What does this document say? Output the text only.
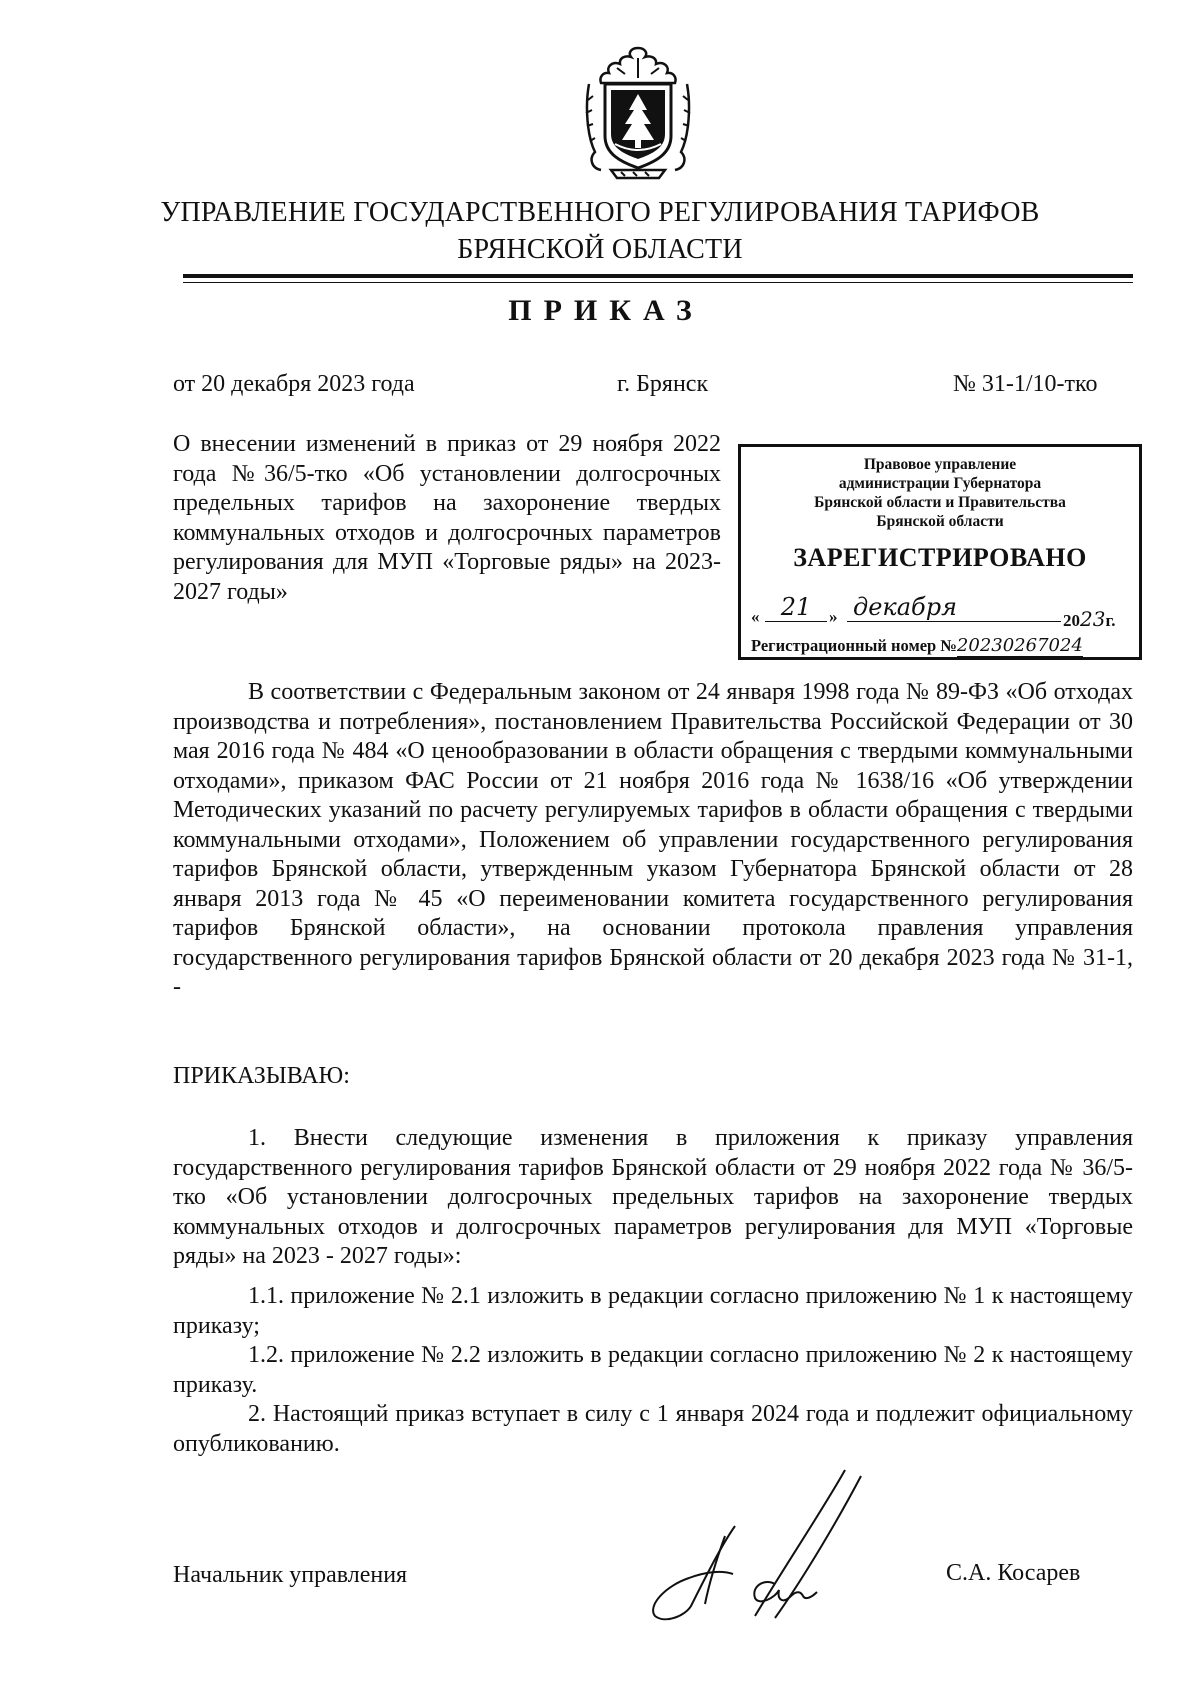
УПРАВЛЕНИЕ ГОСУДАРСТВЕННОГО РЕГУЛИРОВАНИЯ ТАРИФОВ
БРЯНСКОЙ ОБЛАСТИ
ПРИКАЗ
от 20 декабря 2023 года	г. Брянск	№ 31-1/10-тко
О внесении изменений в приказ от 29 ноября 2022 года №36/5-тко «Об установлении долгосрочных предельных тарифов на захоронение твердых коммунальных отходов и долгосрочных параметров регулирования для МУП «Торговые ряды» на 2023-2027 годы»
Правовое управление
администрации Губернатора
Брянской области и Правительства
Брянской области
ЗАРЕГИСТРИРОВАНО
« 21	» декабря	2023г.
Регистрационный номер №20230267024

В соответствии с Федеральным законом от 24 января 1998 года № 89-ФЗ «Об отходах производства и потребления», постановлением Правительства Российской Федерации от 30 мая 2016 года № 484 «О ценообразовании в области обращения с твердыми коммунальными отходами», приказом ФАС России от 21 ноября 2016 года № 1638/16 «Об утверждении Методических указаний по расчету регулируемых тарифов в области обращения с твердыми коммунальными отходами», Положением об управлении государственного регулирования тарифов Брянской области, утвержденным указом Губернатора Брянской области от 28 января 2013 года № 45 «О переименовании комитета государственного регулирования тарифов Брянской области», на основании протокола правления управления государственного регулирования тарифов Брянской области от 20 декабря 2023 года № 31-1, -

ПРИКАЗЫВАЮ:

1. Внести следующие изменения в приложения к приказу управления государственного регулирования тарифов Брянской области от 29 ноября 2022 года № 36/5-тко «Об установлении долгосрочных предельных тарифов на захоронение твердых коммунальных отходов и долгосрочных параметров регулирования для МУП «Торговые ряды» на 2023 - 2027 годы»:

1.1. приложение № 2.1 изложить в редакции согласно приложению № 1 к настоящему приказу;

1.2. приложение № 2.2 изложить в редакции согласно приложению № 2 к настоящему приказу.

2. Настоящий приказ вступает в силу с 1 января 2024 года и подлежит официальному опубликованию.

Начальник управления	С.А. Косарев
